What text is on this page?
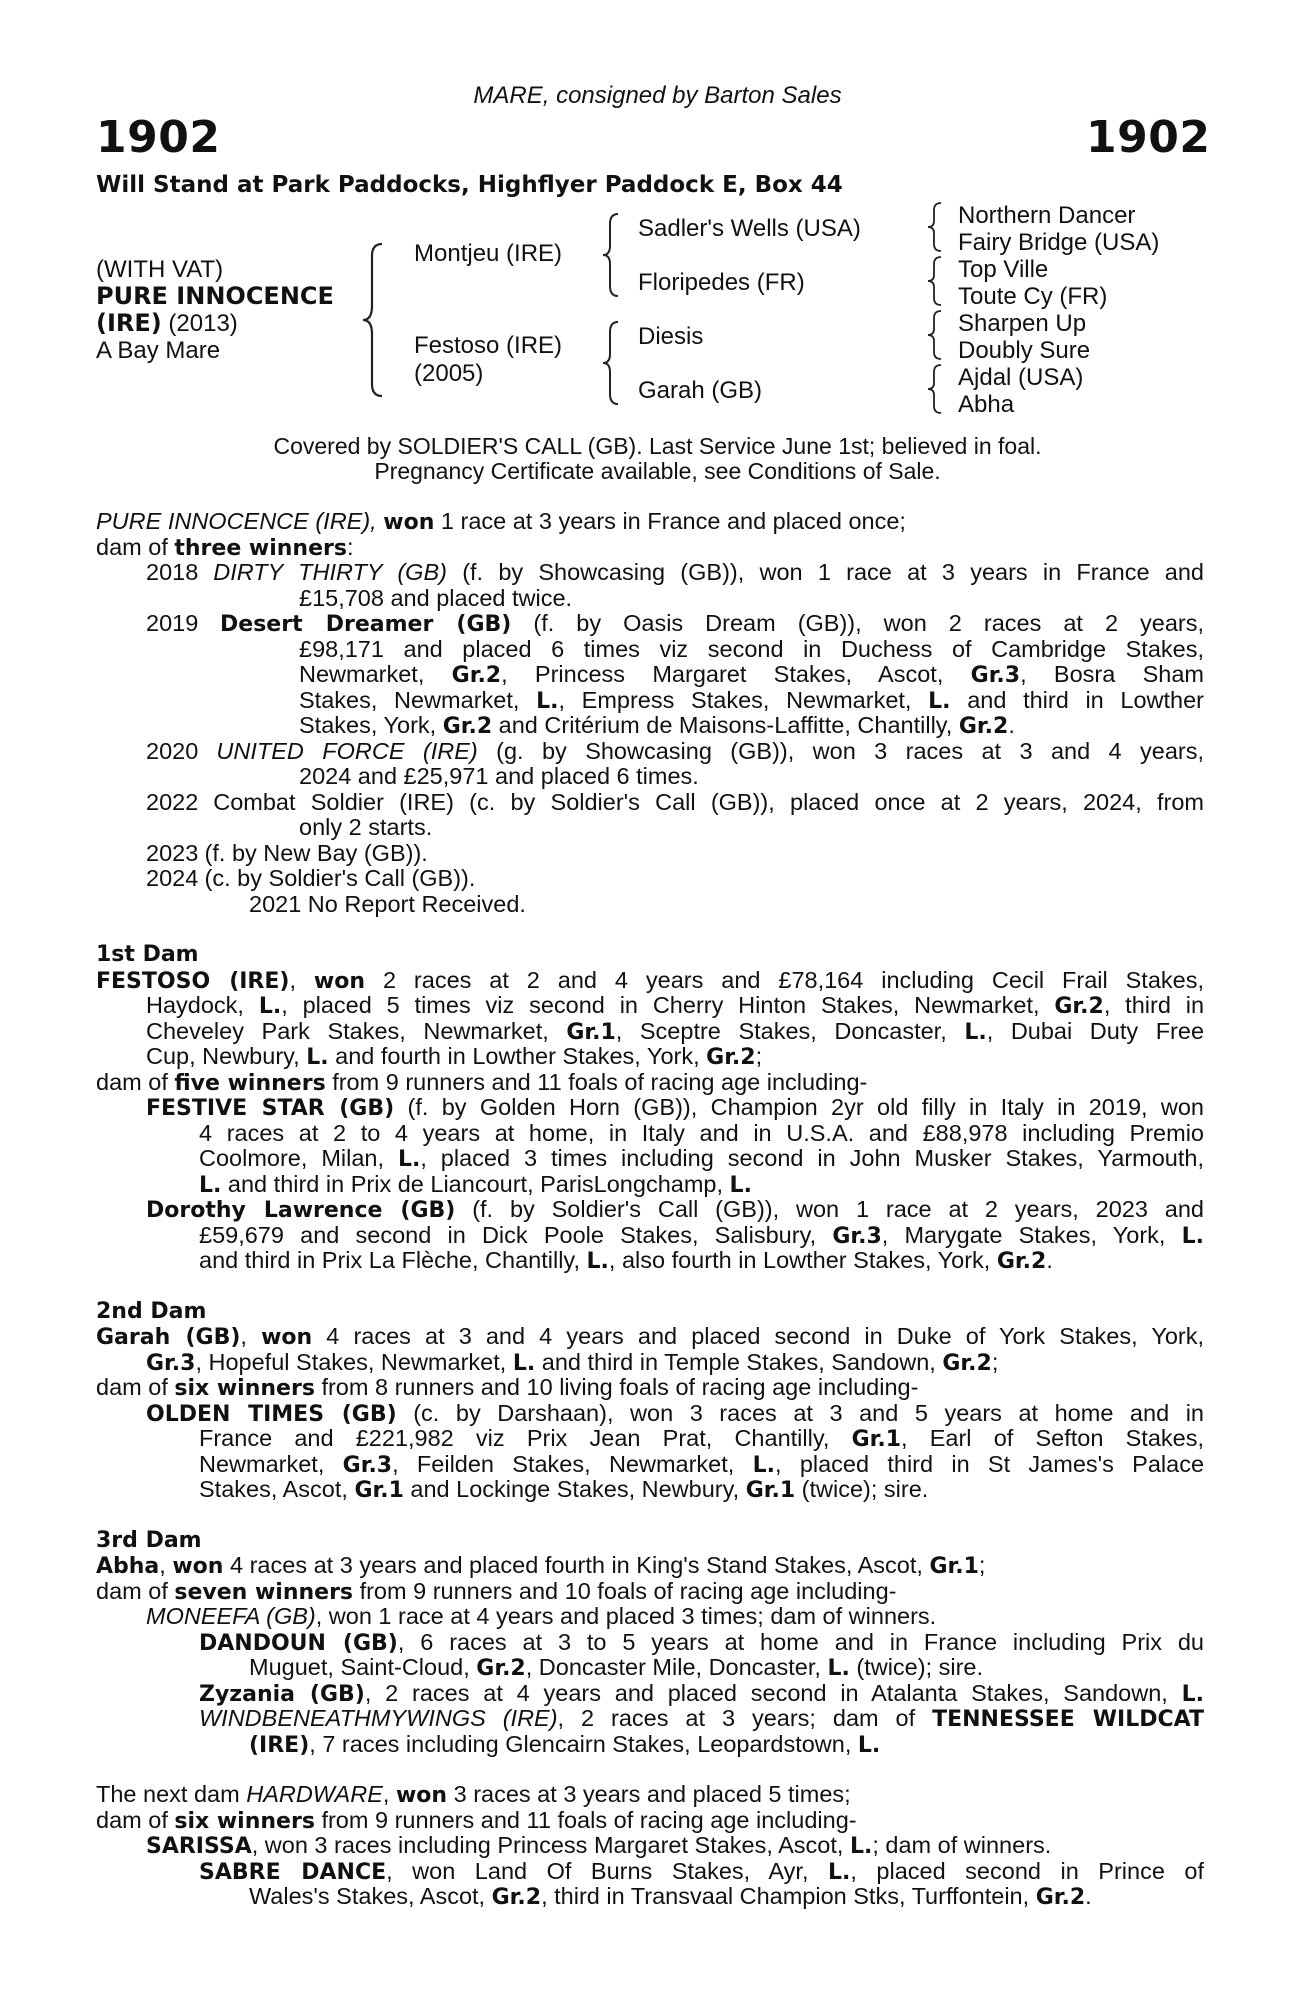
MARE, consigned by Barton Sales
1902	1902
Will Stand at Park Paddocks, Highflyer Paddock E, Box 44
(WITH VAT)
PURE INNOCENCE
(IRE) (2013)
A Bay Mare
Montjeu (IRE)
Festoso (IRE)
(2005)
Sadler's Wells (USA)
Floripedes (FR)
Diesis
Garah (GB)
Northern Dancer
Fairy Bridge (USA)
Top Ville
Toute Cy (FR)
Sharpen Up
Doubly Sure
Ajdal (USA)
Abha
Covered by SOLDIER'S CALL (GB). Last Service June 1st; believed in foal.
Pregnancy Certificate available, see Conditions of Sale.
PURE INNOCENCE (IRE), won 1 race at 3 years in France and placed once;
dam of three winners:
2018 DIRTY THIRTY (GB) (f. by Showcasing (GB)), won 1 race at 3 years in France and
£15,708 and placed twice.
2019 Desert Dreamer (GB) (f. by Oasis Dream (GB)), won 2 races at 2 years,
£98,171 and placed 6 times viz second in Duchess of Cambridge Stakes,
Newmarket, Gr.2, Princess Margaret Stakes, Ascot, Gr.3, Bosra Sham
Stakes, Newmarket, L., Empress Stakes, Newmarket, L. and third in Lowther
Stakes, York, Gr.2 and Critérium de Maisons-Laffitte, Chantilly, Gr.2.
2020 UNITED FORCE (IRE) (g. by Showcasing (GB)), won 3 races at 3 and 4 years,
2024 and £25,971 and placed 6 times.
2022 Combat Soldier (IRE) (c. by Soldier's Call (GB)), placed once at 2 years, 2024, from
only 2 starts.
2023 (f. by New Bay (GB)).
2024 (c. by Soldier's Call (GB)).
2021 No Report Received.
1st Dam
FESTOSO (IRE), won 2 races at 2 and 4 years and £78,164 including Cecil Frail Stakes,
Haydock, L., placed 5 times viz second in Cherry Hinton Stakes, Newmarket, Gr.2, third in
Cheveley Park Stakes, Newmarket, Gr.1, Sceptre Stakes, Doncaster, L., Dubai Duty Free
Cup, Newbury, L. and fourth in Lowther Stakes, York, Gr.2;
dam of five winners from 9 runners and 11 foals of racing age including-
FESTIVE STAR (GB) (f. by Golden Horn (GB)), Champion 2yr old filly in Italy in 2019, won
4 races at 2 to 4 years at home, in Italy and in U.S.A. and £88,978 including Premio
Coolmore, Milan, L., placed 3 times including second in John Musker Stakes, Yarmouth,
L. and third in Prix de Liancourt, ParisLongchamp, L.
Dorothy Lawrence (GB) (f. by Soldier's Call (GB)), won 1 race at 2 years, 2023 and
£59,679 and second in Dick Poole Stakes, Salisbury, Gr.3, Marygate Stakes, York, L.
and third in Prix La Flèche, Chantilly, L., also fourth in Lowther Stakes, York, Gr.2.
2nd Dam
Garah (GB), won 4 races at 3 and 4 years and placed second in Duke of York Stakes, York,
Gr.3, Hopeful Stakes, Newmarket, L. and third in Temple Stakes, Sandown, Gr.2;
dam of six winners from 8 runners and 10 living foals of racing age including-
OLDEN TIMES (GB) (c. by Darshaan), won 3 races at 3 and 5 years at home and in
France and £221,982 viz Prix Jean Prat, Chantilly, Gr.1, Earl of Sefton Stakes,
Newmarket, Gr.3, Feilden Stakes, Newmarket, L., placed third in St James's Palace
Stakes, Ascot, Gr.1 and Lockinge Stakes, Newbury, Gr.1 (twice); sire.
3rd Dam
Abha, won 4 races at 3 years and placed fourth in King's Stand Stakes, Ascot, Gr.1;
dam of seven winners from 9 runners and 10 foals of racing age including-
MONEEFA (GB), won 1 race at 4 years and placed 3 times; dam of winners.
DANDOUN (GB), 6 races at 3 to 5 years at home and in France including Prix du
Muguet, Saint-Cloud, Gr.2, Doncaster Mile, Doncaster, L. (twice); sire.
Zyzania (GB), 2 races at 4 years and placed second in Atalanta Stakes, Sandown, L.
WINDBENEATHMYWINGS (IRE), 2 races at 3 years; dam of TENNESSEE WILDCAT
(IRE), 7 races including Glencairn Stakes, Leopardstown, L.
The next dam HARDWARE, won 3 races at 3 years and placed 5 times;
dam of six winners from 9 runners and 11 foals of racing age including-
SARISSA, won 3 races including Princess Margaret Stakes, Ascot, L.; dam of winners.
SABRE DANCE, won Land Of Burns Stakes, Ayr, L., placed second in Prince of
Wales's Stakes, Ascot, Gr.2, third in Transvaal Champion Stks, Turffontein, Gr.2.
